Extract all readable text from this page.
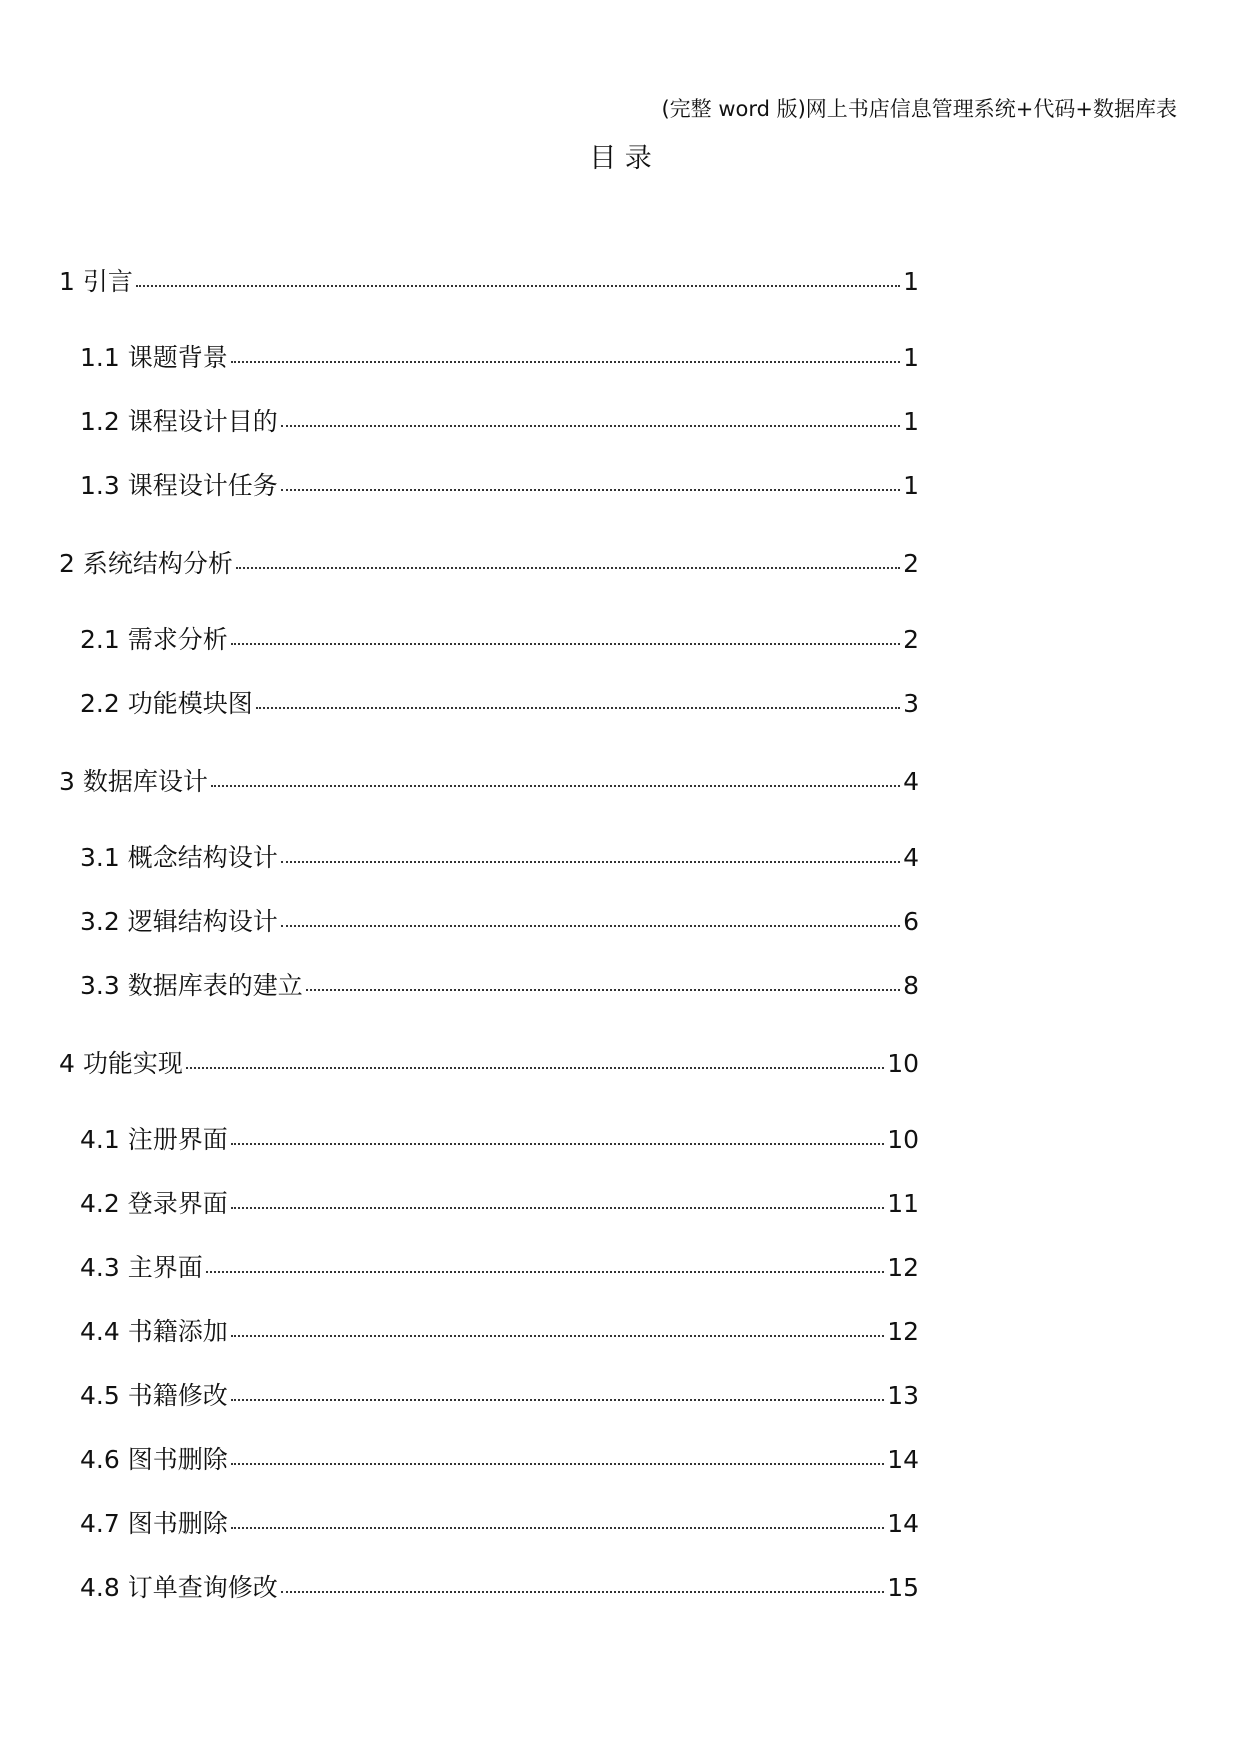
(完整 word 版)网上书店信息管理系统+代码+数据库表
目 录
1 引言	1
1.1 课题背景	1
1.2 课程设计目的	1
1.3 课程设计任务	1
2 系统结构分析	2
2.1 需求分析	2
2.2 功能模块图	3
3 数据库设计	4
3.1 概念结构设计	4
3.2 逻辑结构设计	6
3.3 数据库表的建立	8
4 功能实现	10
4.1 注册界面	10
4.2 登录界面	11
4.3 主界面	12
4.4 书籍添加	12
4.5 书籍修改	13
4.6 图书删除	14
4.7 图书删除	14
4.8 订单查询修改	15
